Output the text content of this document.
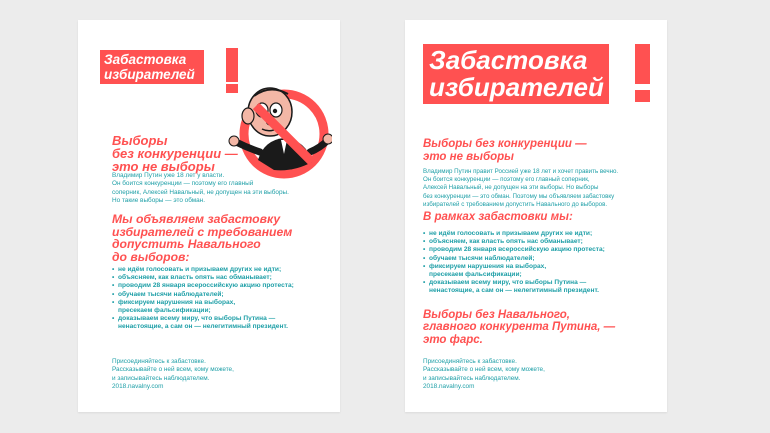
Забастовка
избирателей
Выборы
без конкуренции —
это не выборы
Владимир Путин уже 18 лет у власти.
Он боится конкуренции — поэтому его главный
соперник, Алексей Навальный, не допущен на эти выборы.
Но такие выборы — это обман.
Мы объявляем забастовку
избирателей с требованием
допустить Навального
до выборов:
• не идём голосовать и призываем других не идти;
• объясняем, как власть опять нас обманывает;
• проводим 28 января всероссийскую акцию протеста;
• обучаем тысячи наблюдателей;
• фиксируем нарушения на выборах,
пресекаем фальсификации;
• доказываем всему миру, что выборы Путина —
ненастоящие, а сам он — нелегитимный президент.
Присоединяйтесь к забастовке.
Рассказывайте о ней всем, кому можете,
и записывайтесь наблюдателем.
2018.navalny.com
Забастовка
избирателей
Выборы без конкуренции —
это не выборы
Владимир Путин правит Россией уже 18 лет и хочет править вечно.
Он боится конкуренции — поэтому его главный соперник,
Алексей Навальный, не допущен на эти выборы. Но выборы
без конкуренции — это обман. Поэтому мы объявляем забастовку
избирателей с требованием допустить Навального до выборов.
В рамках забастовки мы:
• не идём голосовать и призываем других не идти;
• объясняем, как власть опять нас обманывает;
• проводим 28 января всероссийскую акцию протеста;
• обучаем тысячи наблюдателей;
• фиксируем нарушения на выборах,
пресекаем фальсификации;
• доказываем всему миру, что выборы Путина —
ненастоящие, а сам он — нелегитимный президент.
Выборы без Навального,
главного конкурента Путина, —
это фарс.
Присоединяйтесь к забастовке.
Рассказывайте о ней всем, кому можете,
и записывайтесь наблюдателем.
2018.navalny.com
